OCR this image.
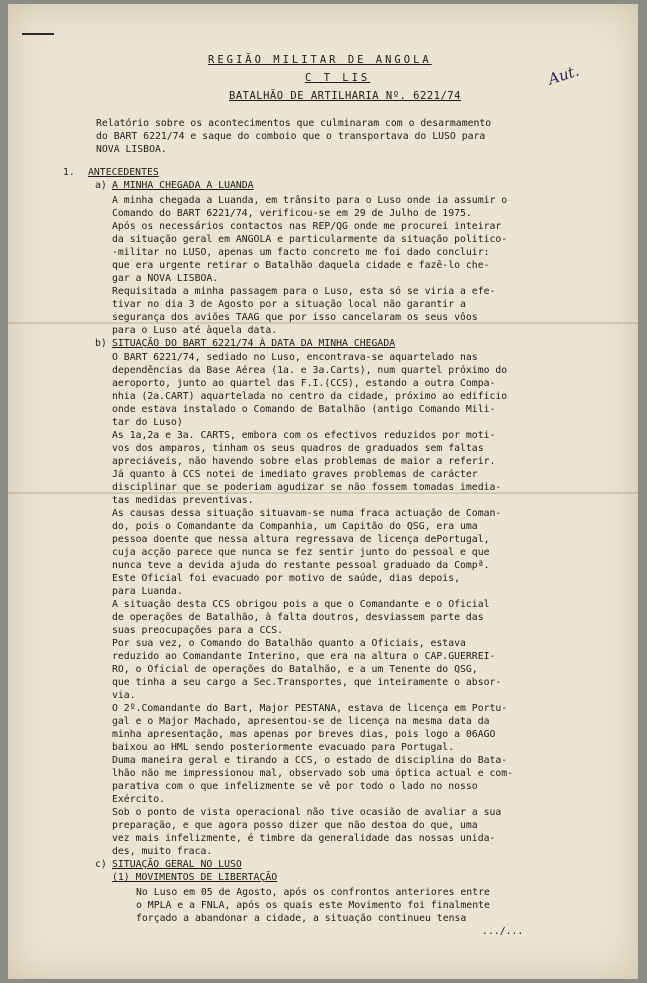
REGIÃO MILITAR DE ANGOLA
C T LIS
BATALHÃO DE ARTILHARIA Nº. 6221/74
Aut.
Relatório sobre os acontecimentos que culminaram com o desarmamento
do BART 6221/74 e saque do comboio que o transportava do LUSO para
NOVA LISBOA.
1. ANTECEDENTES
a) A MINHA CHEGADA A LUANDA
A minha chegada a Luanda, em trânsito para o Luso onde ia assumir o
Comando do BART 6221/74, verificou-se em 29 de Julho de 1975.
Após os necessários contactos nas REP/QG onde me procurei inteirar
da situação geral em ANGOLA e particularmente da situação politico-
-militar no LUSO, apenas um facto concreto me foi dado concluir:
que era urgente retirar o Batalhão daquela cidade e fazê-lo che-
gar a NOVA LISBOA.
Requisitada a minha passagem para o Luso, esta só se viria a efe-
tivar no dia 3 de Agosto por a situação local não garantir a
segurança dos aviões TAAG que por isso cancelaram os seus vôos
para o Luso até àquela data.
b) SITUAÇÃO DO BART 6221/74 À DATA DA MINHA CHEGADA
O BART 6221/74, sediado no Luso, encontrava-se aquartelado nas
dependências da Base Aérea (1a. e 3a.Carts), num quartel próximo do
aeroporto, junto ao quartel das F.I.(CCS), estando a outra Compa-
nhia (2a.CART) aquartelada no centro da cidade, próximo ao edificio
onde estava instalado o Comando de Batalhão (antigo Comando Mili-
tar do Luso)
As 1a,2a e 3a. CARTS, embora com os efectivos reduzidos por moti-
vos dos amparos, tinham os seus quadros de graduados sem faltas
apreciáveis, não havendo sobre elas problemas de maior a referir.
Já quanto à CCS notei de imediato graves problemas de carácter
disciplinar que se poderiam agudizar se não fossem tomadas imedia-
tas medidas preventivas.
As causas dessa situação situavam-se numa fraca actuação de Coman-
do, pois o Comandante da Companhia, um Capitão do QSG, era uma
pessoa doente que nessa altura regressava de licença dePortugal,
cuja acção parece que nunca se fez sentir junto do pessoal e que
nunca teve a devida ajuda do restante pessoal graduado da Compª.
Este Oficial foi evacuado por motivo de saúde, dias depois,
para Luanda.
A situação desta CCS obrigou pois a que o Comandante e o Oficial
de operações de Batalhão, à falta doutros, desviassem parte das
suas preocupações para a CCS.
Por sua vez, o Comando do Batalhão quanto a Oficiais, estava
reduzido ao Comandante Interino, que era na altura o CAP.GUERREI-
RO, o Oficial de operações do Batalhão, e a um Tenente do QSG,
que tinha a seu cargo a Sec.Transportes, que inteiramente o absor-
via.
O 2º.Comandante do Bart, Major PESTANA, estava de licença em Portu-
gal e o Major Machado, apresentou-se de licença na mesma data da
minha apresentação, mas apenas por breves dias, pois logo a 06AGO
baixou ao HML sendo posteriormente evacuado para Portugal.
Duma maneira geral e tirando a CCS, o estado de disciplina do Bata-
lhão não me impressionou mal, observado sob uma óptica actual e com-
parativa com o que infelizmente se vê por todo o lado no nosso
Exército.
Sob o ponto de vista operacional não tive ocasião de avaliar a sua
preparação, e que agora posso dizer que não destoa do que, uma
vez mais infelizmente, é timbre da generalidade das nossas unida-
des, muito fraca.
c) SITUAÇÃO GERAL NO LUSO
(1) MOVIMENTOS DE LIBERTAÇÃO
No Luso em 05 de Agosto, após os confrontos anteriores entre
o MPLA e a FNLA, após os quais este Movimento foi finalmente
forçado a abandonar a cidade, a situação continueu tensa
.../...
